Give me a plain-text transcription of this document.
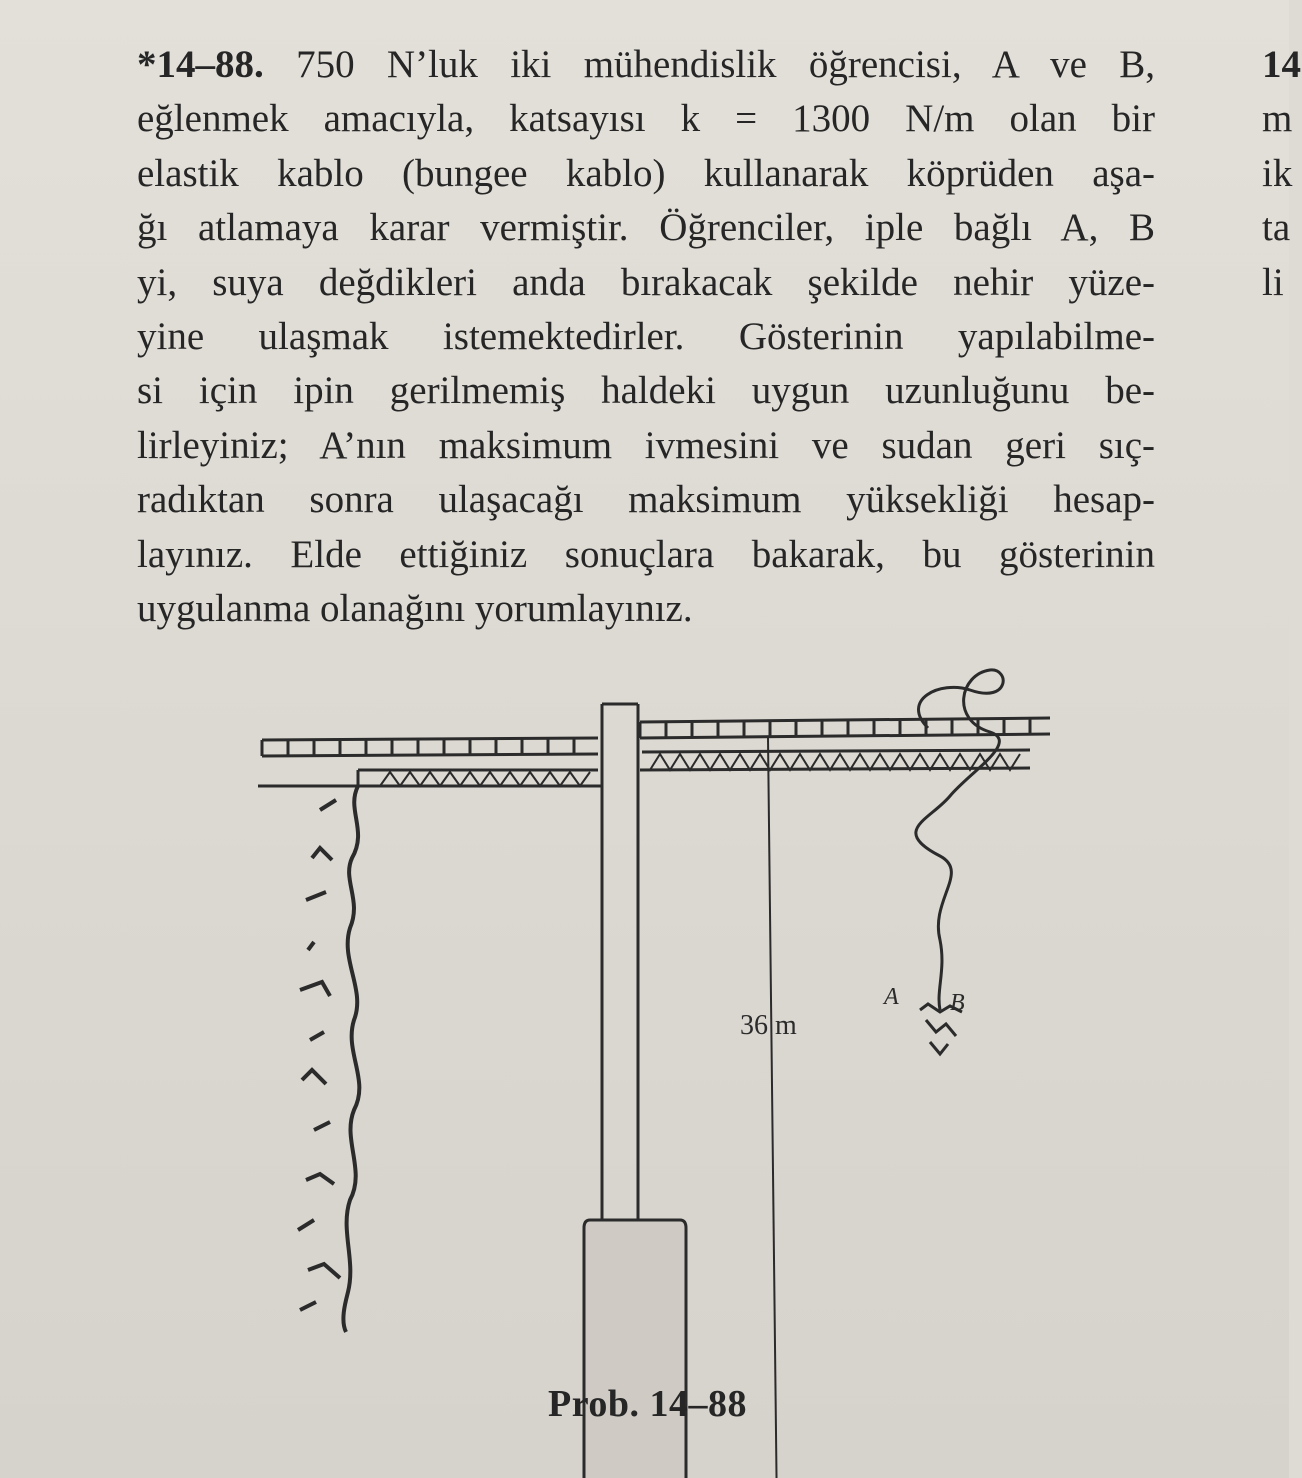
*14–88. 750 N’luk iki mühendislik öğrencisi, A ve B,
eğlenmek amacıyla, katsayısı k = 1300 N/m olan bir
elastik kablo (bungee kablo) kullanarak köprüden aşa-
ğı atlamaya karar vermiştir. Öğrenciler, iple bağlı A, B
yi, suya değdikleri anda bırakacak şekilde nehir yüze-
yine ulaşmak istemektedirler. Gösterinin yapılabilme-
si için ipin gerilmemiş haldeki uygun uzunluğunu be-
lirleyiniz; A’nın maksimum ivmesini ve sudan geri sıç-
radıktan sonra ulaşacağı maksimum yüksekliği hesap-
layınız. Elde ettiğiniz sonuçlara bakarak, bu gösterinin
uygulanma olanağını yorumlayınız.
14
m
ik
ta
li
36 m
A B
Prob. 14–88
